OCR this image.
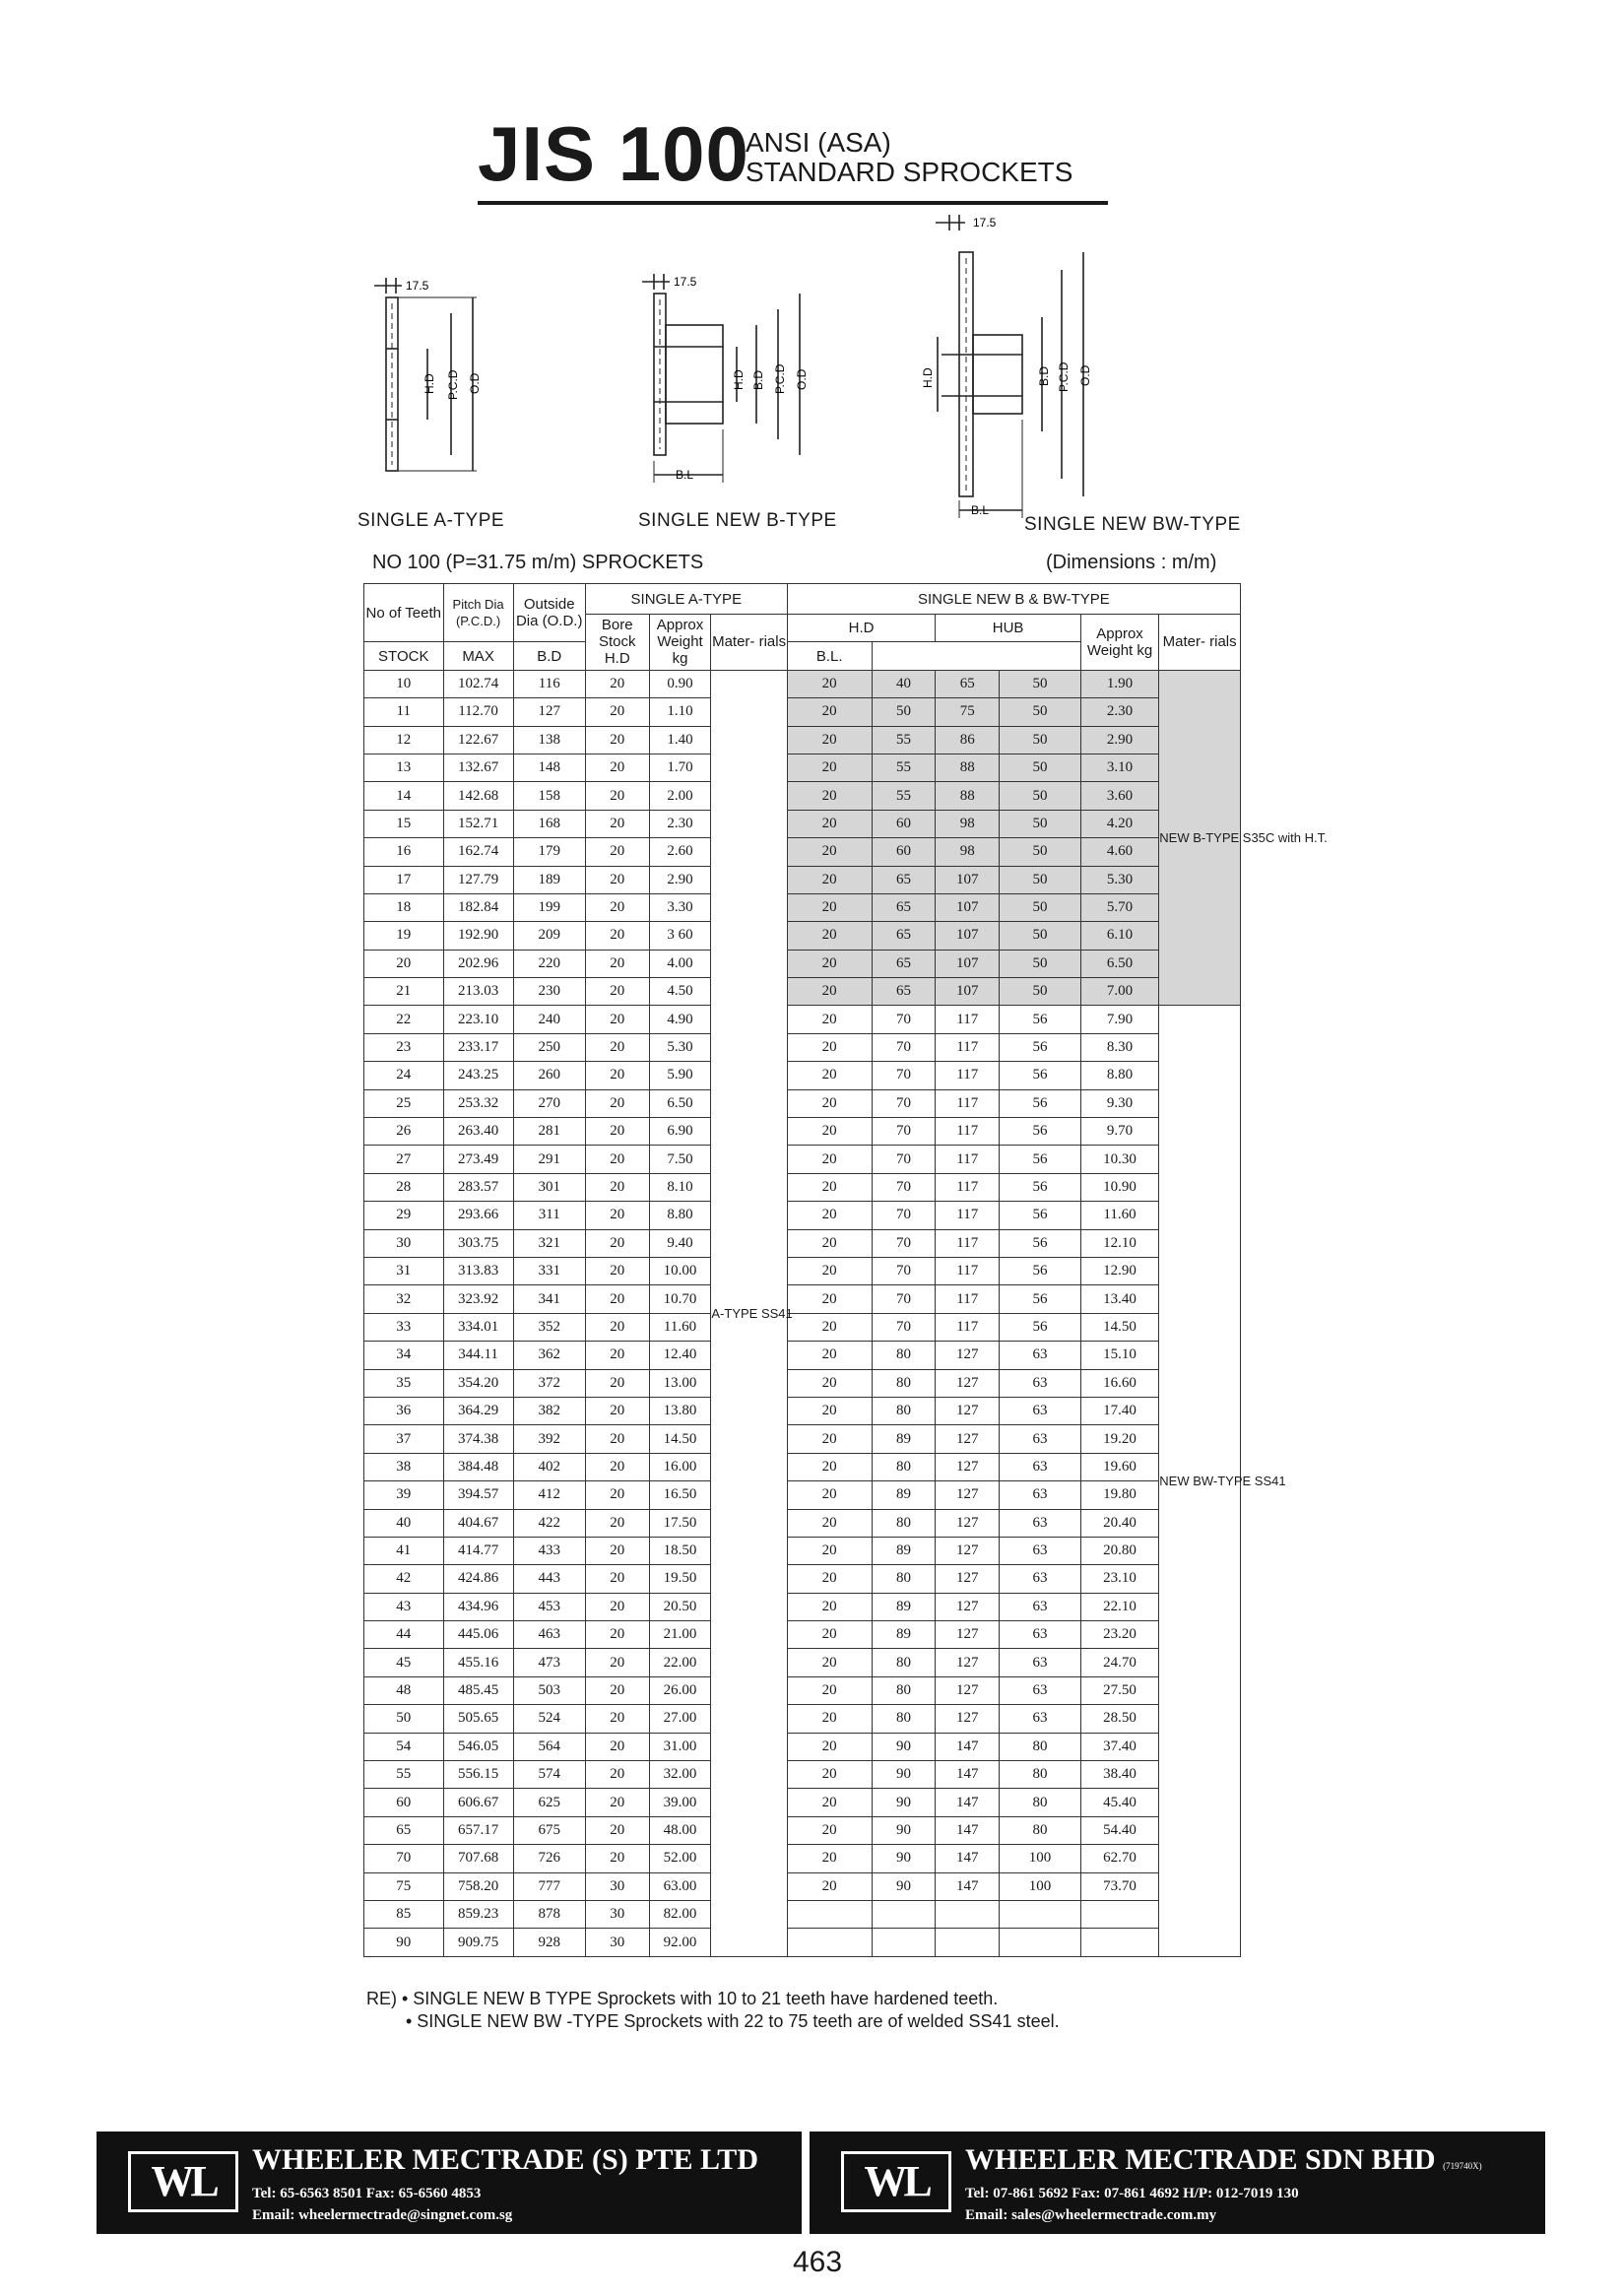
JIS 100
ANSI (ASA)
STANDARD SPROCKETS
17.5
H.D P.C.D O.D
SINGLE A-TYPE
17.5
H.D B.D P.C.D O.D
B.L
SINGLE NEW B-TYPE
17.5
H.D	B.D P.C.D O.D
B.L
SINGLE NEW BW-TYPE
NO 100 (P=31.75 m/m) SPROCKETS	(Dimensions : m/m)
No of Teeth	Pitch Dia (P.C.D.)	Outside Dia (O.D.)	SINGLE A-TYPE			SINGLE NEW B & BW-TYPE					
			Bore Stock H.D	Approx Weight kg	Mater- rials	H.D		HUB		Approx Weight kg	Mater- rials
STOCK	MAX	B.D				B.L.					
10	102.74	116	20	0.90	A-TYPE SS41	20	40	65	50	1.90	NEW B-TYPE S35C with H.T.
11	112.70	127	20	1.10		20	50	75	50	2.30	
12	122.67	138	20	1.40		20	55	86	50	2.90	
13	132.67	148	20	1.70		20	55	88	50	3.10	
14	142.68	158	20	2.00		20	55	88	50	3.60	
15	152.71	168	20	2.30		20	60	98	50	4.20	
16	162.74	179	20	2.60		20	60	98	50	4.60	
17	127.79	189	20	2.90		20	65	107	50	5.30	
18	182.84	199	20	3.30		20	65	107	50	5.70	
19	192.90	209	20	3 60		20	65	107	50	6.10	
20	202.96	220	20	4.00		20	65	107	50	6.50	
21	213.03	230	20	4.50		20	65	107	50	7.00	
22	223.10	240	20	4.90		20	70	117	56	7.90	NEW BW-TYPE SS41
23	233.17	250	20	5.30		20	70	117	56	8.30	
24	243.25	260	20	5.90		20	70	117	56	8.80	
25	253.32	270	20	6.50		20	70	117	56	9.30	
26	263.40	281	20	6.90		20	70	117	56	9.70	
27	273.49	291	20	7.50		20	70	117	56	10.30	
28	283.57	301	20	8.10		20	70	117	56	10.90	
29	293.66	311	20	8.80		20	70	117	56	11.60	
30	303.75	321	20	9.40		20	70	117	56	12.10	
31	313.83	331	20	10.00		20	70	117	56	12.90	
32	323.92	341	20	10.70		20	70	117	56	13.40	
33	334.01	352	20	11.60		20	70	117	56	14.50	
34	344.11	362	20	12.40		20	80	127	63	15.10	
35	354.20	372	20	13.00		20	80	127	63	16.60	
36	364.29	382	20	13.80		20	80	127	63	17.40	
37	374.38	392	20	14.50		20	89	127	63	19.20	
38	384.48	402	20	16.00		20	80	127	63	19.60	
39	394.57	412	20	16.50		20	89	127	63	19.80	
40	404.67	422	20	17.50		20	80	127	63	20.40	
41	414.77	433	20	18.50		20	89	127	63	20.80	
42	424.86	443	20	19.50		20	80	127	63	23.10	
43	434.96	453	20	20.50		20	89	127	63	22.10	
44	445.06	463	20	21.00		20	89	127	63	23.20	
45	455.16	473	20	22.00		20	80	127	63	24.70	
48	485.45	503	20	26.00		20	80	127	63	27.50	
50	505.65	524	20	27.00		20	80	127	63	28.50	
54	546.05	564	20	31.00		20	90	147	80	37.40	
55	556.15	574	20	32.00		20	90	147	80	38.40	
60	606.67	625	20	39.00		20	90	147	80	45.40	
65	657.17	675	20	48.00		20	90	147	80	54.40	
70	707.68	726	20	52.00		20	90	147	100	62.70	
75	758.20	777	30	63.00		20	90	147	100	73.70	
85	859.23	878	30	82.00							
90	909.75	928	30	92.00							
RE) • SINGLE NEW B TYPE Sprockets with 10 to 21 teeth have hardened teeth.
• SINGLE NEW BW -TYPE Sprockets with 22 to 75 teeth are of welded SS41 steel.
WL	WHEELER MECTRADE (S) PTE LTD
Tel: 65-6563 8501 Fax: 65-6560 4853
Email: wheelermectrade@singnet.com.sg
WL	WHEELER MECTRADE SDN BHD (719740X)
Tel: 07-861 5692 Fax: 07-861 4692 H/P: 012-7019 130
Email: sales@wheelermectrade.com.my
463
